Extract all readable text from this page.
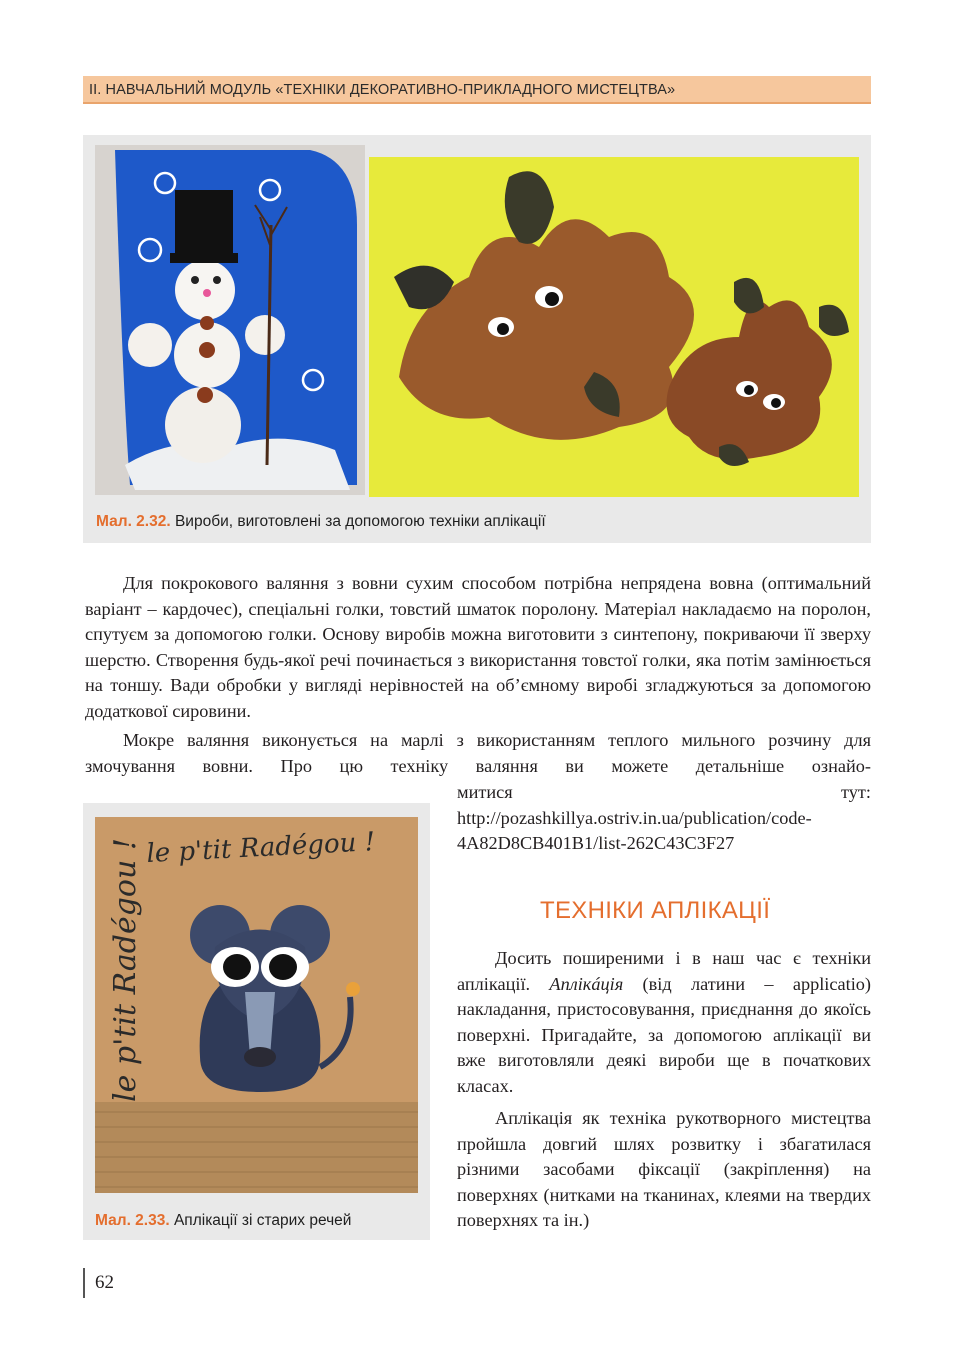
II. НАВЧАЛЬНИЙ МОДУЛЬ «ТЕХНІКИ ДЕКОРАТИВНО-ПРИКЛАДНОГО МИСТЕЦТВА»
Мал. 2.32. Вироби, виготовлені за допомогою техніки аплікації

Для покрокового валяння з вовни сухим способом потрібна непрядена вовна (оптимальний варіант – кардочес), спеціальні голки, товстий шматок поролону. Матеріал накладаємо на поролон, спутуєм за допомогою голки. Основу виробів можна виготовити з синтепону, покриваючи її зверху шерстю. Створення будь-якої речі починається з використання товстої голки, яка потім замінюється на тоншу. Вади обробки у вигляді нерівностей на об’ємному виробі згладжуються за допомогою додаткової сировини.

Мокре валяння виконується на марлі з використанням теплого мильного розчину для змочування вовни. Про цю техніку валяння ви можете детальніше ознайо-

митися тут: http://pozashkillya.ostriv.in.ua/publication/code-4A82D8CB401B1/list-262C43C3F27

le p'tit Radégou !
le p'tit Radégou !
Мал. 2.33. Аплікації зі старих речей
ТЕХНІКИ АПЛІКАЦІЇ

Досить поширеними і в наш час є техніки аплікації. Аплікáція (від латини – applicatio) накладання, пристосовування, приєднання до якоїсь поверхні. Пригадайте, за допомогою аплікації ви вже виготовляли деякі вироби ще в початкових класах.

Аплікація як техніка рукотворного мистецтва пройшла довгий шлях розвитку і збагатилася різними засобами фіксації (закріплення) на поверхнях (нитками на тканинах, клеями на твердих поверхнях та ін.)

62
